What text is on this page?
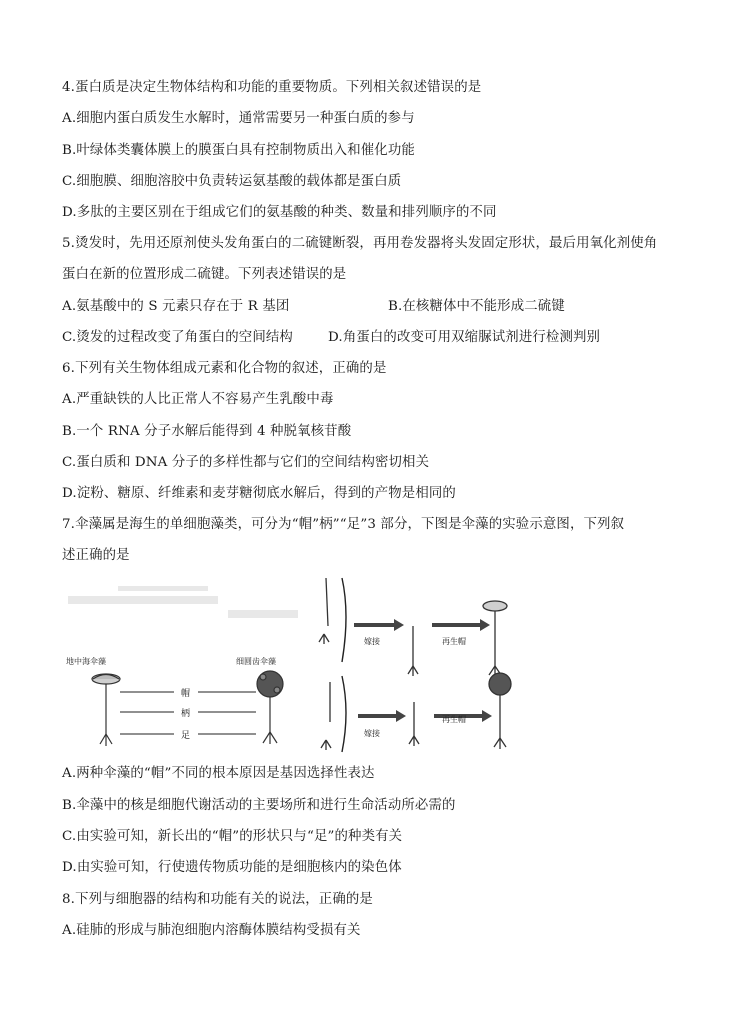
4.蛋白质是决定生物体结构和功能的重要物质。下列相关叙述错误的是
A.细胞内蛋白质发生水解时，通常需要另一种蛋白质的参与
B.叶绿体类囊体膜上的膜蛋白具有控制物质出入和催化功能
C.细胞膜、细胞溶胶中负责转运氨基酸的载体都是蛋白质
D.多肽的主要区别在于组成它们的氨基酸的种类、数量和排列顺序的不同
5.烫发时，先用还原剂使头发角蛋白的二硫键断裂，再用卷发器将头发固定形状，最后用氧化剂使角
蛋白在新的位置形成二硫键。下列表述错误的是
A.氨基酸中的 S 元素只存在于 R 基团	B.在核糖体中不能形成二硫键
C.烫发的过程改变了角蛋白的空间结构	D.角蛋白的改变可用双缩脲试剂进行检测判别
6.下列有关生物体组成元素和化合物的叙述，正确的是
A.严重缺铁的人比正常人不容易产生乳酸中毒
B.一个 RNA 分子水解后能得到 4 种脱氧核苷酸
C.蛋白质和 DNA 分子的多样性都与它们的空间结构密切相关
D.淀粉、糖原、纤维素和麦芽糖彻底水解后，得到的产物是相同的
7.伞藻属是海生的单细胞藻类，可分为“帽”柄”“足”3 部分，下图是伞藻的实验示意图，下列叙
述正确的是
地中海伞藻	细圆齿伞藻
帽
柄
足
嫁接	再生帽
嫁接
再生帽
A.两种伞藻的“帽”不同的根本原因是基因选择性表达
B.伞藻中的核是细胞代谢活动的主要场所和进行生命活动所必需的
C.由实验可知，新长出的“帽”的形状只与“足”的种类有关
D.由实验可知，行使遗传物质功能的是细胞核内的染色体
8.下列与细胞器的结构和功能有关的说法，正确的是
A.硅肺的形成与肺泡细胞内溶酶体膜结构受损有关
